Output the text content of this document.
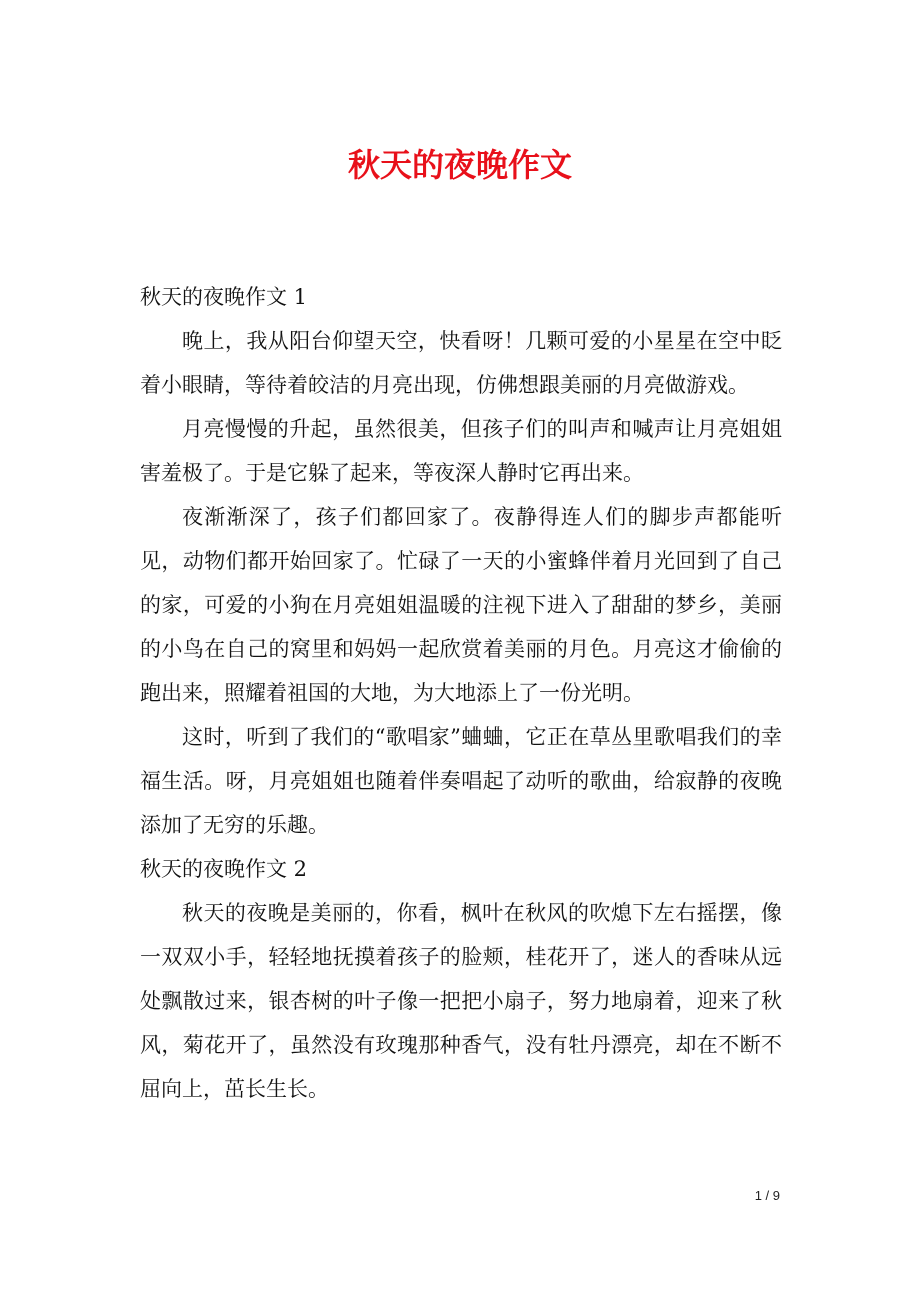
秋天的夜晚作文
秋天的夜晚作文 1

晚上，我从阳台仰望天空，快看呀！几颗可爱的小星星在空中眨着小眼睛，等待着皎洁的月亮出现，仿佛想跟美丽的月亮做游戏。

月亮慢慢的升起，虽然很美，但孩子们的叫声和喊声让月亮姐姐害羞极了。于是它躲了起来，等夜深人静时它再出来。

夜渐渐深了，孩子们都回家了。夜静得连人们的脚步声都能听见，动物们都开始回家了。忙碌了一天的小蜜蜂伴着月光回到了自己的家，可爱的小狗在月亮姐姐温暖的注视下进入了甜甜的梦乡，美丽的小鸟在自己的窝里和妈妈一起欣赏着美丽的月色。月亮这才偷偷的跑出来，照耀着祖国的大地，为大地添上了一份光明。

这时，听到了我们的“歌唱家”蛐蛐，它正在草丛里歌唱我们的幸福生活。呀，月亮姐姐也随着伴奏唱起了动听的歌曲，给寂静的夜晚添加了无穷的乐趣。

秋天的夜晚作文 2

秋天的夜晚是美丽的，你看，枫叶在秋风的吹熄下左右摇摆，像一双双小手，轻轻地抚摸着孩子的脸颊，桂花开了，迷人的香味从远处飘散过来，银杏树的叶子像一把把小扇子，努力地扇着，迎来了秋风，菊花开了，虽然没有玫瑰那种香气，没有牡丹漂亮，却在不断不屈向上，茁长生长。

1 / 9
